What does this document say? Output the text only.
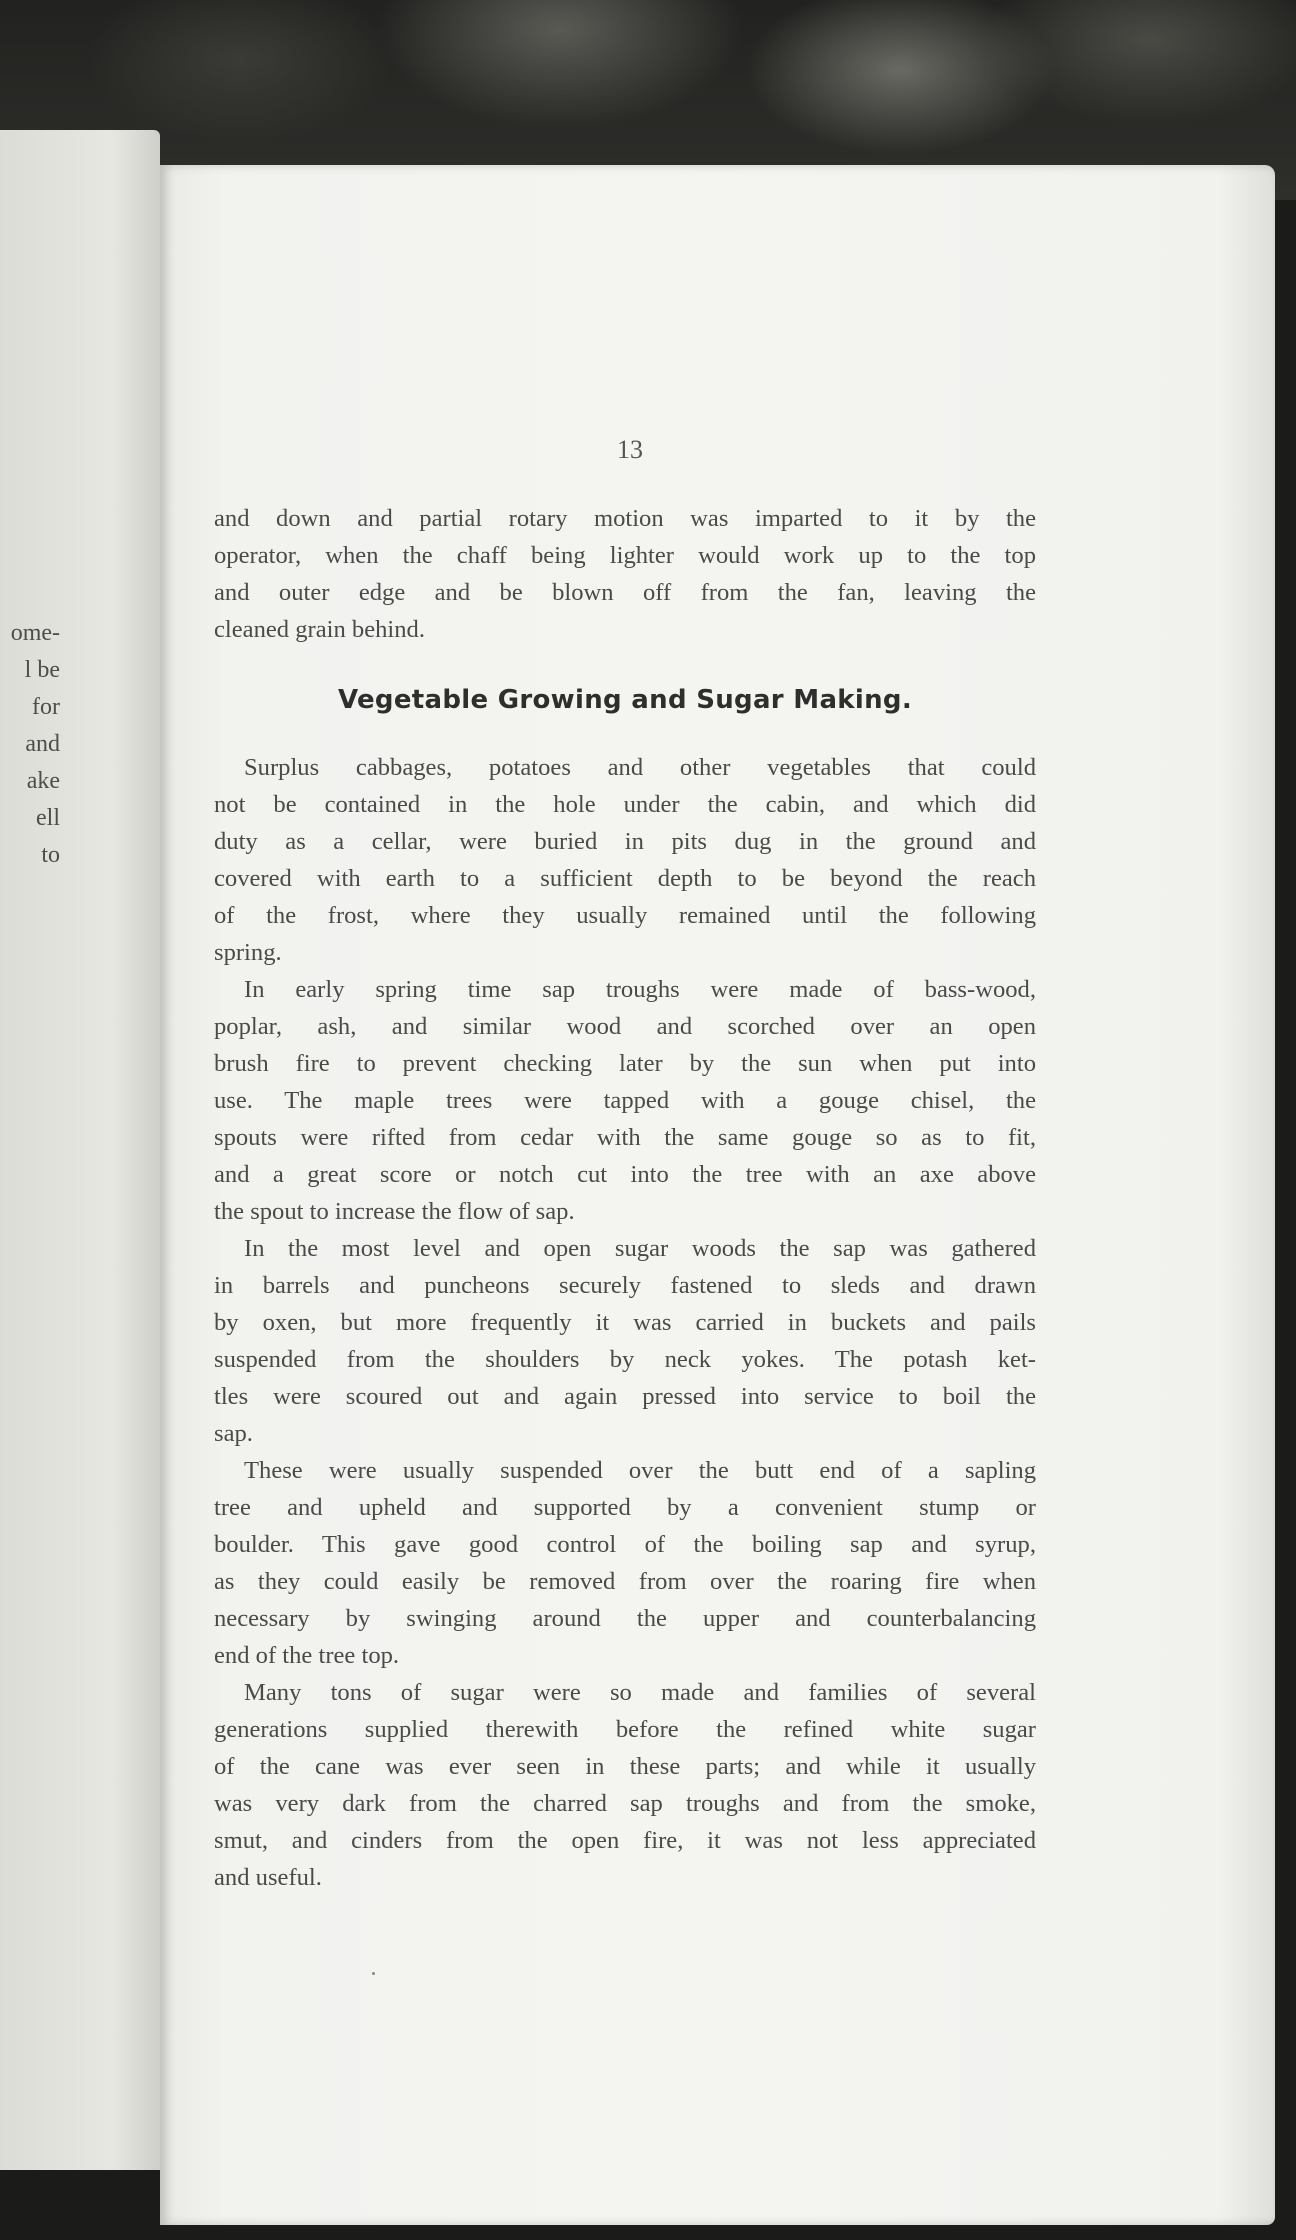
ome-
l be
for
and
ake
ell
to
13
and down and partial rotary motion was imparted to it by the
operator, when the chaff being lighter would work up to the top
and outer edge and be blown off from the fan, leaving the
cleaned grain behind.
Vegetable Growing and Sugar Making.
Surplus cabbages, potatoes and other vegetables that could
not be contained in the hole under the cabin, and which did
duty as a cellar, were buried in pits dug in the ground and
covered with earth to a sufficient depth to be beyond the reach
of the frost, where they usually remained until the following
spring.
In early spring time sap troughs were made of bass-wood,
poplar, ash, and similar wood and scorched over an open
brush fire to prevent checking later by the sun when put into
use. The maple trees were tapped with a gouge chisel, the
spouts were rifted from cedar with the same gouge so as to fit,
and a great score or notch cut into the tree with an axe above
the spout to increase the flow of sap.
In the most level and open sugar woods the sap was gathered
in barrels and puncheons securely fastened to sleds and drawn
by oxen, but more frequently it was carried in buckets and pails
suspended from the shoulders by neck yokes. The potash ket-
tles were scoured out and again pressed into service to boil the
sap.
These were usually suspended over the butt end of a sapling
tree and upheld and supported by a convenient stump or
boulder. This gave good control of the boiling sap and syrup,
as they could easily be removed from over the roaring fire when
necessary by swinging around the upper and counterbalancing
end of the tree top.
Many tons of sugar were so made and families of several
generations supplied therewith before the refined white sugar
of the cane was ever seen in these parts; and while it usually
was very dark from the charred sap troughs and from the smoke,
smut, and cinders from the open fire, it was not less appreciated
and useful.
